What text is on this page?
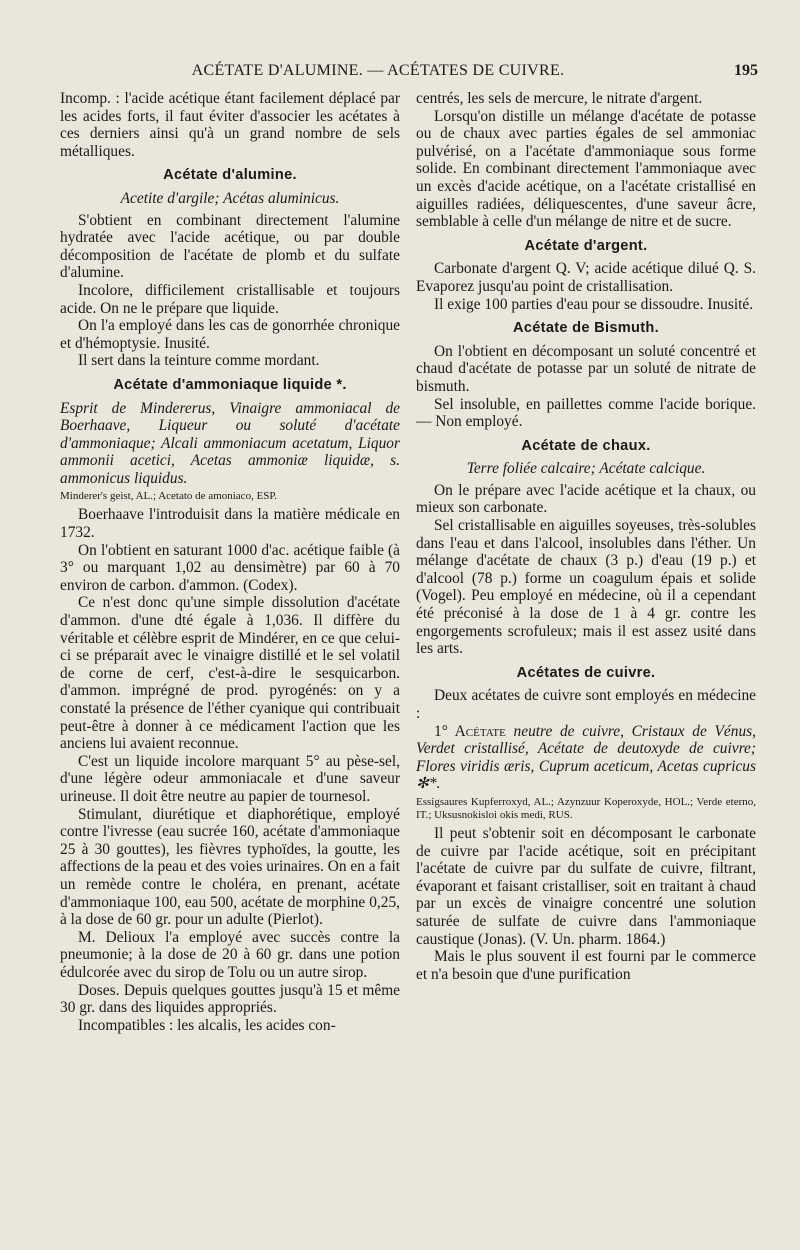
ACÉTATE D'ALUMINE. — ACÉTATES DE CUIVRE.	195

Incomp. : l'acide acétique étant facilement déplacé par les acides forts, il faut éviter d'associer les acétates à ces derniers ainsi qu'à un grand nombre de sels métalliques.

Acétate d'alumine.

Acetite d'argile; Acétas aluminicus.

S'obtient en combinant directement l'alumine hydratée avec l'acide acétique, ou par double décomposition de l'acétate de plomb et du sulfate d'alumine.

Incolore, difficilement cristallisable et toujours acide. On ne le prépare que liquide.

On l'a employé dans les cas de gonorrhée chronique et d'hémoptysie. Inusité.

Il sert dans la teinture comme mordant.

Acétate d'ammoniaque liquide *.

Esprit de Mindererus, Vinaigre ammoniacal de Boerhaave, Liqueur ou soluté d'acétate d'ammoniaque; Alcali ammoniacum acetatum, Liquor ammonii acetici, Acetas ammoniæ liquidæ, s. ammonicus liquidus.

Minderer's geist, AL.; Acetato de amoniaco, ESP.

Boerhaave l'introduisit dans la matière médicale en 1732.

On l'obtient en saturant 1000 d'ac. acétique faible (à 3° ou marquant 1,02 au densimètre) par 60 à 70 environ de carbon. d'ammon. (Codex).

Ce n'est donc qu'une simple dissolution d'acétate d'ammon. d'une dté égale à 1,036. Il diffère du véritable et célèbre esprit de Mindérer, en ce que celui-ci se préparait avec le vinaigre distillé et le sel volatil de corne de cerf, c'est-à-dire le sesquicarbon. d'ammon. imprégné de prod. pyrogénés: on y a constaté la présence de l'éther cyanique qui contribuait peut-être à donner à ce médicament l'action que les anciens lui avaient reconnue.

C'est un liquide incolore marquant 5° au pèse-sel, d'une légère odeur ammoniacale et d'une saveur urineuse. Il doit être neutre au papier de tournesol.

Stimulant, diurétique et diaphorétique, employé contre l'ivresse (eau sucrée 160, acétate d'ammoniaque 25 à 30 gouttes), les fièvres typhoïdes, la goutte, les affections de la peau et des voies urinaires. On en a fait un remède contre le choléra, en prenant, acétate d'ammoniaque 100, eau 500, acétate de morphine 0,25, à la dose de 60 gr. pour un adulte (Pierlot).

M. Delioux l'a employé avec succès contre la pneumonie; à la dose de 20 à 60 gr. dans une potion édulcorée avec du sirop de Tolu ou un autre sirop.

Doses. Depuis quelques gouttes jusqu'à 15 et même 30 gr. dans des liquides appropriés.

Incompatibles : les alcalis, les acides con-

centrés, les sels de mercure, le nitrate d'argent.

Lorsqu'on distille un mélange d'acétate de potasse ou de chaux avec parties égales de sel ammoniac pulvérisé, on a l'acétate d'ammoniaque sous forme solide. En combinant directement l'ammoniaque avec un excès d'acide acétique, on a l'acétate cristallisé en aiguilles radiées, déliquescentes, d'une saveur âcre, semblable à celle d'un mélange de nitre et de sucre.

Acétate d'argent.

Carbonate d'argent Q. V; acide acétique dilué Q. S. Evaporez jusqu'au point de cristallisation.

Il exige 100 parties d'eau pour se dissoudre. Inusité.

Acétate de Bismuth.

On l'obtient en décomposant un soluté concentré et chaud d'acétate de potasse par un soluté de nitrate de bismuth.

Sel insoluble, en paillettes comme l'acide borique. — Non employé.

Acétate de chaux.

Terre foliée calcaire; Acétate calcique.

On le prépare avec l'acide acétique et la chaux, ou mieux son carbonate.

Sel cristallisable en aiguilles soyeuses, très-solubles dans l'eau et dans l'alcool, insolubles dans l'éther. Un mélange d'acétate de chaux (3 p.) d'eau (19 p.) et d'alcool (78 p.) forme un coagulum épais et solide (Vogel). Peu employé en médecine, où il a cependant été préconisé à la dose de 1 à 4 gr. contre les engorgements scrofuleux; mais il est assez usité dans les arts.

Acétates de cuivre.

Deux acétates de cuivre sont employés en médecine :

1° Acétate neutre de cuivre, Cristaux de Vénus, Verdet cristallisé, Acétate de deutoxyde de cuivre; Flores viridis æris, Cuprum aceticum, Acetas cupricus ✻*.

Essigsaures Kupferroxyd, AL.; Azynzuur Koperoxyde, HOL.; Verde eterno, IT.; Uksusnokisloi okis medi, RUS.

Il peut s'obtenir soit en décomposant le carbonate de cuivre par l'acide acétique, soit en précipitant l'acétate de cuivre par du sulfate de cuivre, filtrant, évaporant et faisant cristalliser, soit en traitant à chaud par un excès de vinaigre concentré une solution saturée de sulfate de cuivre dans l'ammoniaque caustique (Jonas). (V. Un. pharm. 1864.)

Mais le plus souvent il est fourni par le commerce et n'a besoin que d'une purification
